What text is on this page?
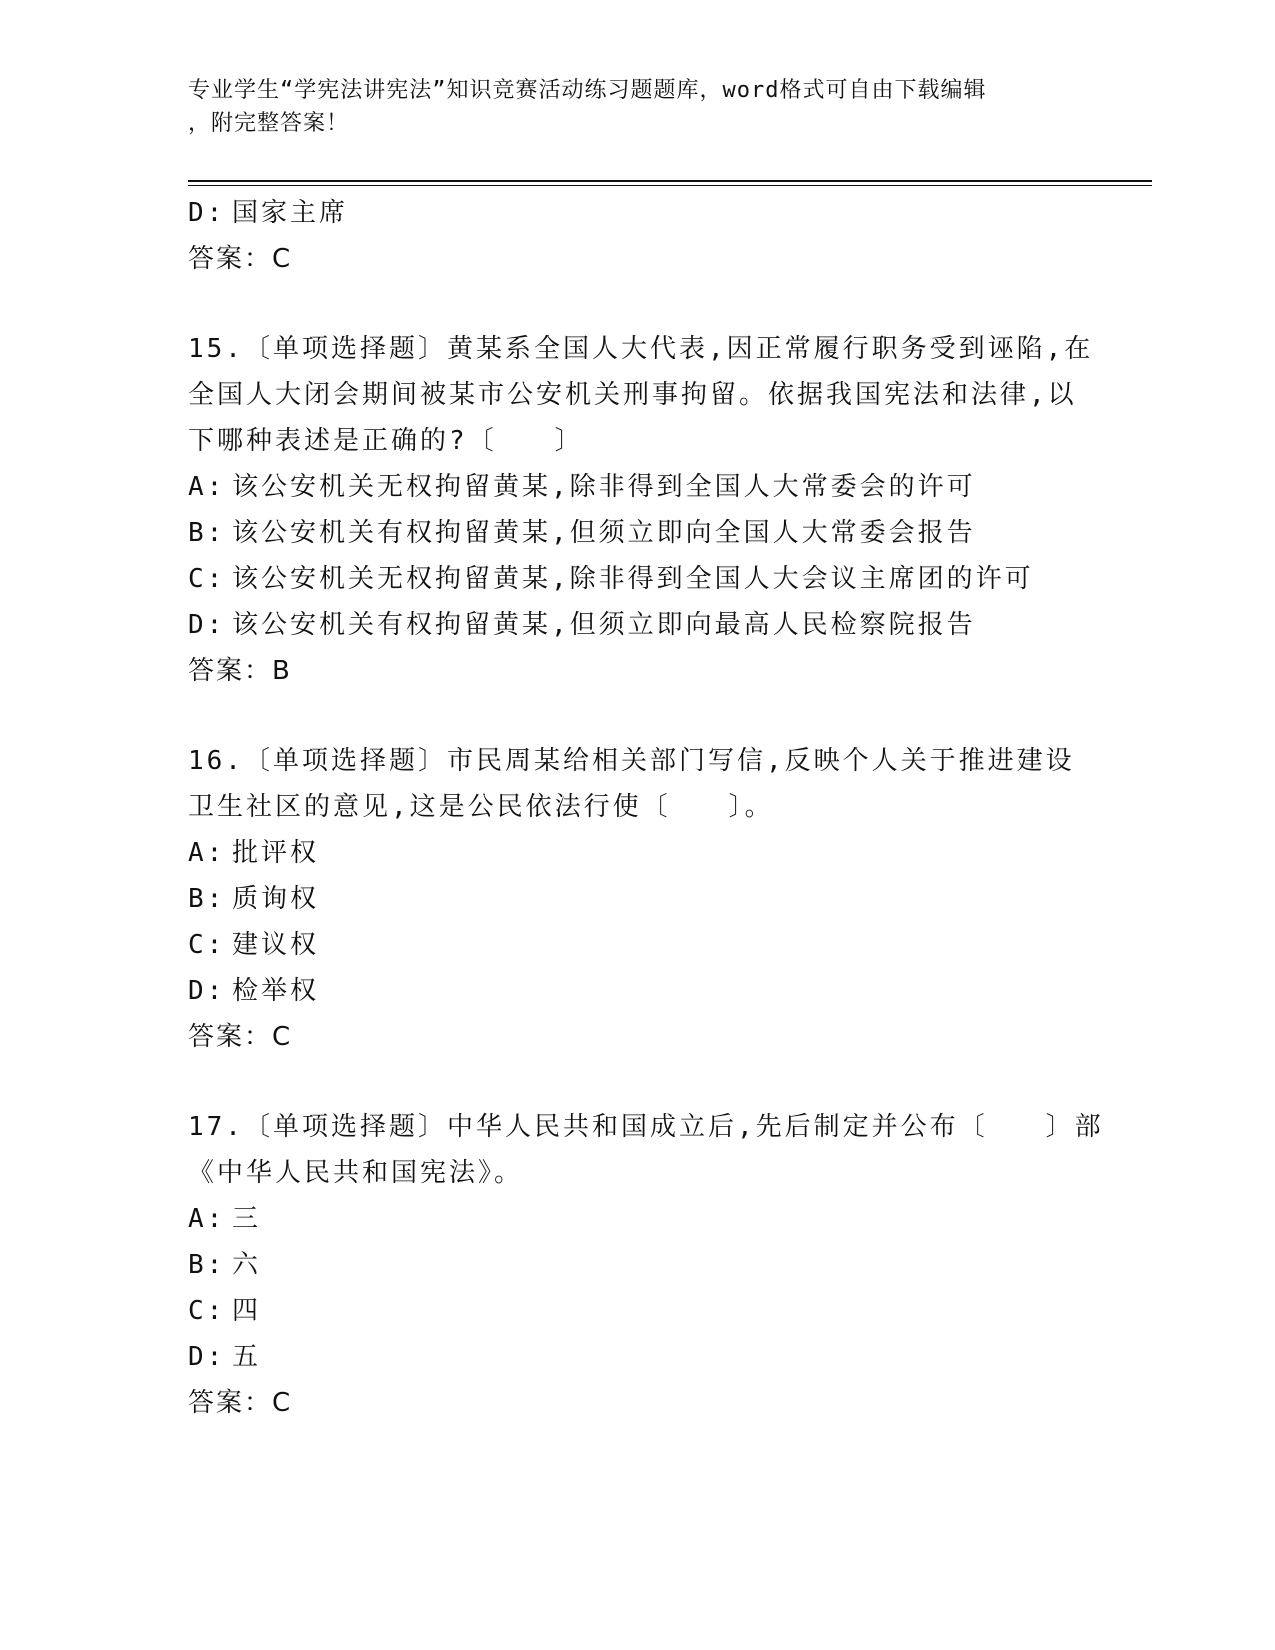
专业学生“学宪法讲宪法”知识竞赛活动练习题题库，word格式可自由下载编辑
，附完整答案！
D: 国家主席
答案：C
15.〔单项选择题〕黄某系全国人大代表,因正常履行职务受到诬陷,在
全国人大闭会期间被某市公安机关刑事拘留。依据我国宪法和法律,以
下哪种表述是正确的?〔　　〕
A: 该公安机关无权拘留黄某,除非得到全国人大常委会的许可
B: 该公安机关有权拘留黄某,但须立即向全国人大常委会报告
C: 该公安机关无权拘留黄某,除非得到全国人大会议主席团的许可
D: 该公安机关有权拘留黄某,但须立即向最高人民检察院报告
答案：B
16.〔单项选择题〕市民周某给相关部门写信,反映个人关于推进建设
卫生社区的意见,这是公民依法行使〔　　〕。
A: 批评权
B: 质询权
C: 建议权
D: 检举权
答案：C
17.〔单项选择题〕中华人民共和国成立后,先后制定并公布〔　　〕部
《中华人民共和国宪法》。
A: 三
B: 六
C: 四
D: 五
答案：C
